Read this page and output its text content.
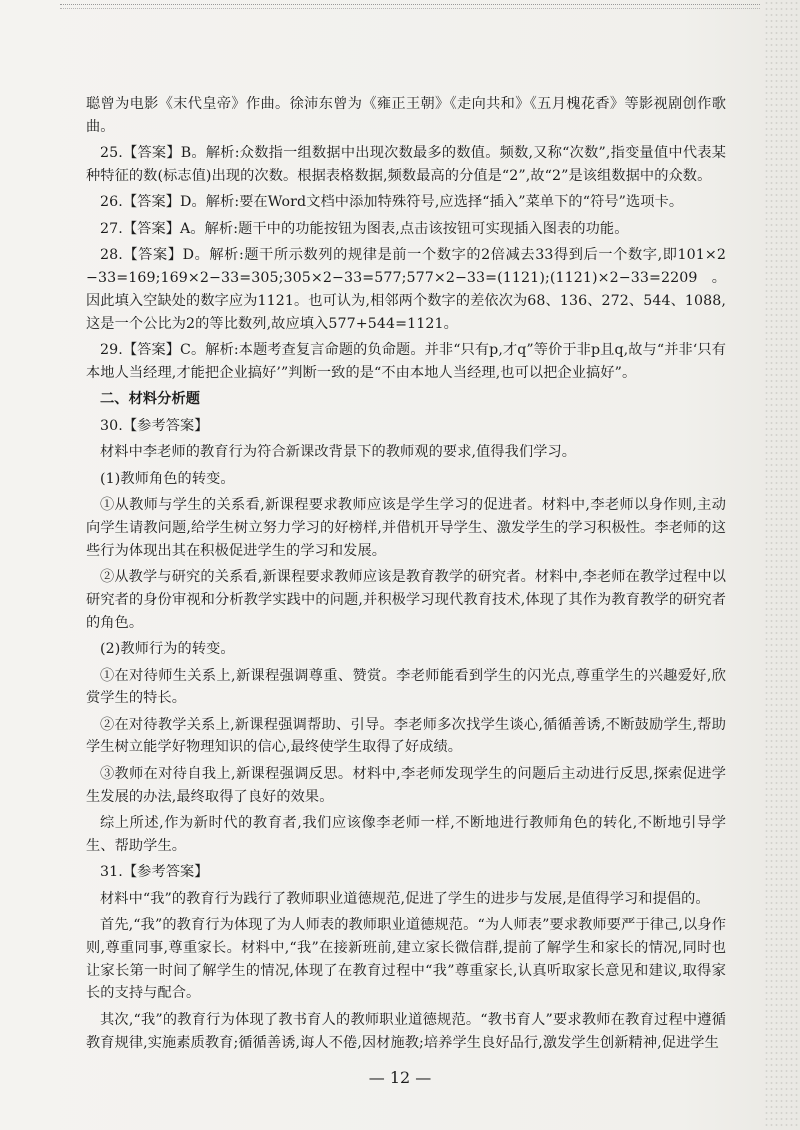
聪曾为电影《末代皇帝》作曲。徐沛东曾为《雍正王朝》《走向共和》《五月槐花香》等影视剧创作歌曲。

25.【答案】B。解析:众数指一组数据中出现次数最多的数值。频数,又称“次数”,指变量值中代表某种特征的数(标志值)出现的次数。根据表格数据,频数最高的分值是“2”,故“2”是该组数据中的众数。

26.【答案】D。解析:要在Word文档中添加特殊符号,应选择“插入”菜单下的“符号”选项卡。

27.【答案】A。解析:题干中的功能按钮为图表,点击该按钮可实现插入图表的功能。

28.【答案】D。解析:题干所示数列的规律是前一个数字的2倍减去33得到后一个数字,即101×2−33=169;169×2−33=305;305×2−33=577;577×2−33=(1121);(1121)×2−33=2209。因此填入空缺处的数字应为1121。也可认为,相邻两个数字的差依次为68、136、272、544、1088,这是一个公比为2的等比数列,故应填入577+544=1121。

29.【答案】C。解析:本题考查复言命题的负命题。并非“只有p,才q”等价于非p且q,故与“并非‘只有本地人当经理,才能把企业搞好’”判断一致的是“不由本地人当经理,也可以把企业搞好”。

二、材料分析题

30.【参考答案】

材料中李老师的教育行为符合新课改背景下的教师观的要求,值得我们学习。

(1)教师角色的转变。

①从教师与学生的关系看,新课程要求教师应该是学生学习的促进者。材料中,李老师以身作则,主动向学生请教问题,给学生树立努力学习的好榜样,并借机开导学生、激发学生的学习积极性。李老师的这些行为体现出其在积极促进学生的学习和发展。

②从教学与研究的关系看,新课程要求教师应该是教育教学的研究者。材料中,李老师在教学过程中以研究者的身份审视和分析教学实践中的问题,并积极学习现代教育技术,体现了其作为教育教学的研究者的角色。

(2)教师行为的转变。

①在对待师生关系上,新课程强调尊重、赞赏。李老师能看到学生的闪光点,尊重学生的兴趣爱好,欣赏学生的特长。

②在对待教学关系上,新课程强调帮助、引导。李老师多次找学生谈心,循循善诱,不断鼓励学生,帮助学生树立能学好物理知识的信心,最终使学生取得了好成绩。

③教师在对待自我上,新课程强调反思。材料中,李老师发现学生的问题后主动进行反思,探索促进学生发展的办法,最终取得了良好的效果。

综上所述,作为新时代的教育者,我们应该像李老师一样,不断地进行教师角色的转化,不断地引导学生、帮助学生。

31.【参考答案】

材料中“我”的教育行为践行了教师职业道德规范,促进了学生的进步与发展,是值得学习和提倡的。

首先,“我”的教育行为体现了为人师表的教师职业道德规范。“为人师表”要求教师要严于律己,以身作则,尊重同事,尊重家长。材料中,“我”在接新班前,建立家长微信群,提前了解学生和家长的情况,同时也让家长第一时间了解学生的情况,体现了在教育过程中“我”尊重家长,认真听取家长意见和建议,取得家长的支持与配合。

其次,“我”的教育行为体现了教书育人的教师职业道德规范。“教书育人”要求教师在教育过程中遵循教育规律,实施素质教育;循循善诱,诲人不倦,因材施教;培养学生良好品行,激发学生创新精神,促进学生

— 12 —
